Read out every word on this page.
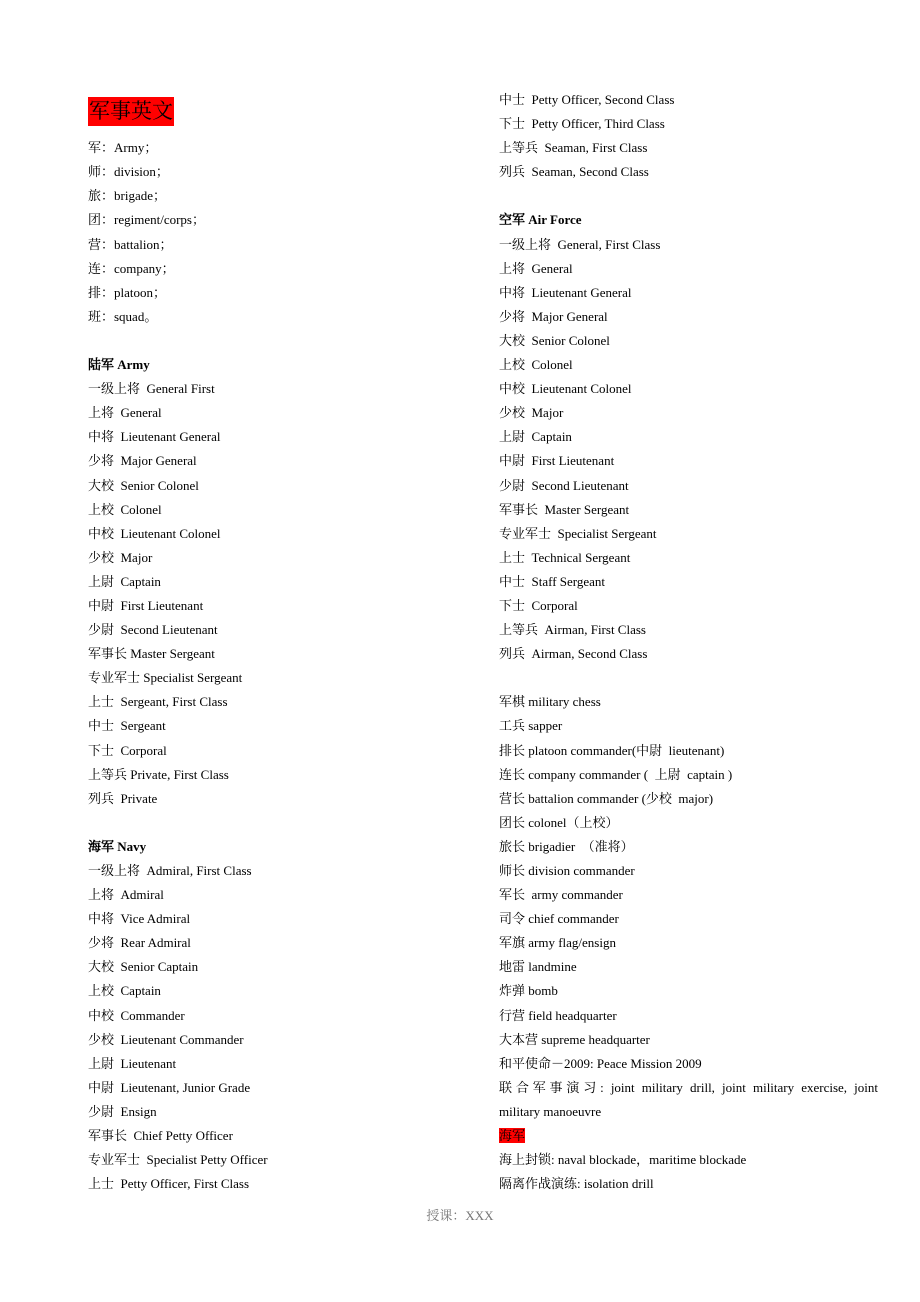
军事英文
军：Army；
师：division；
旅：brigade；
团：regiment/corps；
营：battalion；
连：company；
排：platoon；
班：squad。
陆军 Army
一级上将  General First
上将  General
中将  Lieutenant General
少将  Major General
大校  Senior Colonel
上校  Colonel
中校  Lieutenant Colonel
少校  Major
上尉  Captain
中尉  First Lieutenant
少尉  Second Lieutenant
军事长 Master Sergeant
专业军士 Specialist Sergeant
上士  Sergeant, First Class
中士  Sergeant
下士  Corporal
上等兵 Private, First Class
列兵  Private
海军 Navy
一级上将  Admiral, First Class
上将  Admiral
中将  Vice Admiral
少将  Rear Admiral
大校  Senior Captain
上校  Captain
中校  Commander
少校  Lieutenant Commander
上尉  Lieutenant
中尉  Lieutenant, Junior Grade
少尉  Ensign
军事长  Chief Petty Officer
专业军士  Specialist Petty Officer
上士  Petty Officer, First Class
中士  Petty Officer, Second Class
下士  Petty Officer, Third Class
上等兵  Seaman, First Class
列兵  Seaman, Second Class
空军 Air Force
一级上将  General, First Class
上将  General
中将  Lieutenant General
少将  Major General
大校  Senior Colonel
上校  Colonel
中校  Lieutenant Colonel
少校  Major
上尉  Captain
中尉  First Lieutenant
少尉  Second Lieutenant
军事长  Master Sergeant
专业军士  Specialist Sergeant
上士  Technical Sergeant
中士  Staff Sergeant
下士  Corporal
上等兵  Airman, First Class
列兵  Airman, Second Class
军棋 military chess
工兵 sapper
排长 platoon commander(中尉  lieutenant)
连长 company commander (  上尉  captain )
营长 battalion commander (少校  major)
团长 colonel（上校）
旅长 brigadier  （准将）
师长 division commander
军长  army commander
司令 chief commander
军旗 army flag/ensign
地雷 landmine
炸弹 bomb
行营 field headquarter
大本营 supreme headquarter
和平使命－2009: Peace Mission 2009
联合军事演习: joint military drill, joint military exercise, joint
military manoeuvre
海军
海上封锁: naval blockade，maritime blockade
隔离作战演练: isolation drill
授课：XXX
